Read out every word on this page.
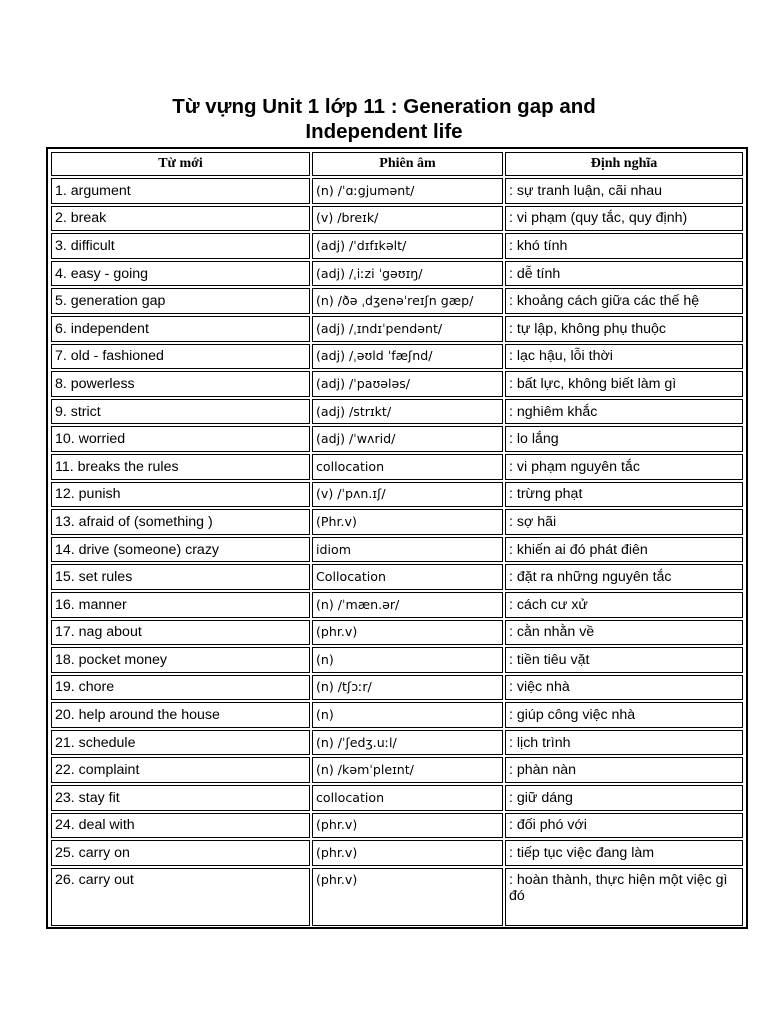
Từ vựng Unit 1 lớp 11 : Generation gap and
Independent life
Từ mới	Phiên âm	Định nghĩa
1. argument	(n) /ˈɑːgjumənt/	: sự tranh luận, cãi nhau
2. break	(v) /breɪk/	: vi phạm (quy tắc, quy định)
3. difficult	(adj) /ˈdɪfɪkəlt/	: khó tính
4. easy - going	(adj) /ˌiːzi ˈgəʊɪŋ/	: dễ tính
5. generation gap	(n) /ðə ˌdʒenəˈreɪʃn gæp/	: khoảng cách giữa các thế hệ
6. independent	(adj) /ˌɪndɪˈpendənt/	: tự lập, không phụ thuộc
7. old - fashioned	(adj) /ˌəʊld ˈfæʃnd/	: lạc hậu, lỗi thời
8. powerless	(adj) /ˈpaʊələs/	: bất lực, không biết làm gì
9. strict	(adj) /strɪkt/	: nghiêm khắc
10. worried	(adj) /ˈwʌrid/	: lo lắng
11. breaks the rules	collocation	: vi phạm nguyên tắc
12. punish	(v) /ˈpʌn.ɪʃ/	: trừng phạt
13. afraid of (something )	(Phr.v)	: sợ hãi
14. drive (someone) crazy	idiom	: khiến ai đó phát điên
15. set rules	Collocation	: đặt ra những nguyên tắc
16. manner	(n) /ˈmæn.ər/	: cách cư xử
17. nag about	(phr.v)	: cằn nhằn về
18. pocket money	(n)	: tiền tiêu vặt
19. chore	(n) /tʃɔːr/	: việc nhà
20. help around the house	(n)	: giúp công việc nhà
21. schedule	(n) /ˈʃedʒ.uːl/	: lịch trình
22. complaint	(n) /kəmˈpleɪnt/	: phàn nàn
23. stay fit	collocation	: giữ dáng
24. deal with	(phr.v)	: đối phó với
25. carry on	(phr.v)	: tiếp tục việc đang làm
26. carry out	(phr.v)	: hoàn thành, thực hiện một việc gì đó
